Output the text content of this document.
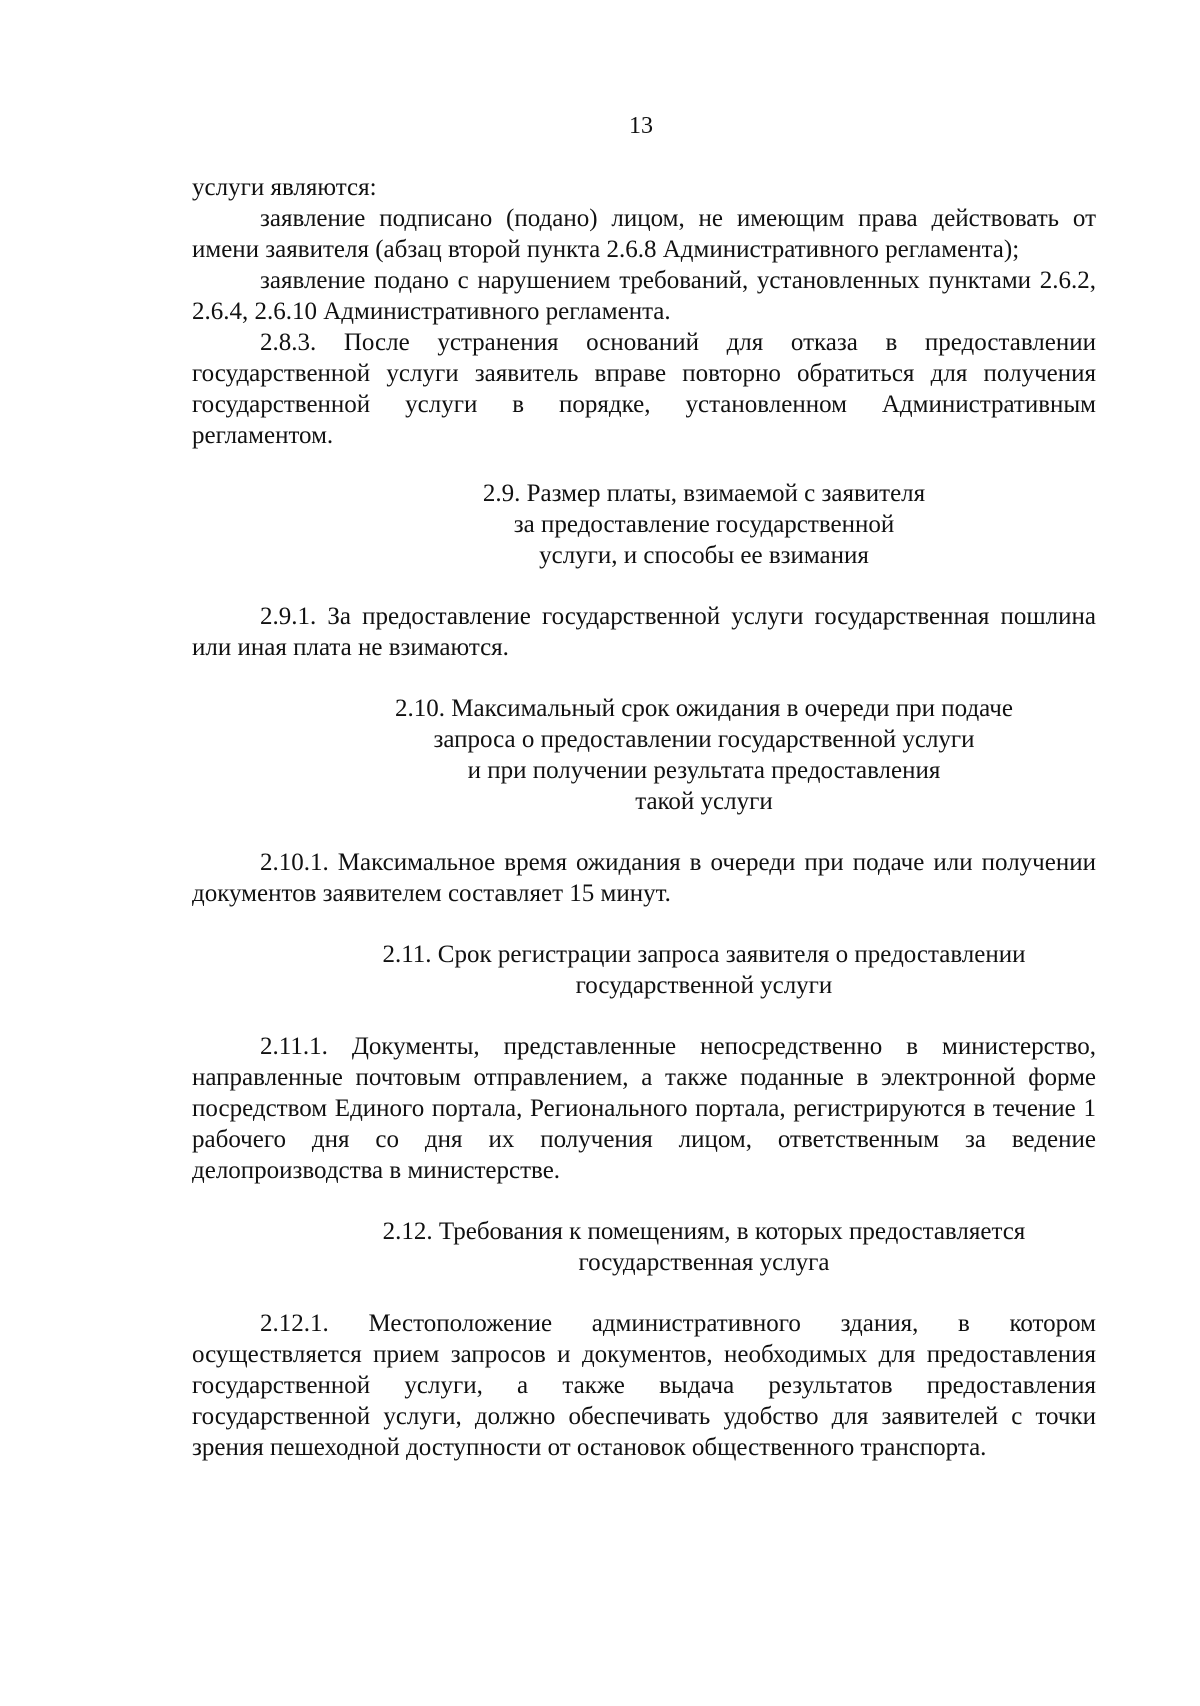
13

услуги являются:

заявление подписано (подано) лицом, не имеющим права действовать от имени заявителя (абзац второй пункта 2.6.8 Административного регламента);

заявление подано с нарушением требований, установленных пунктами 2.6.2, 2.6.4, 2.6.10 Административного регламента.

2.8.3. После устранения оснований для отказа в предоставлении государственной услуги заявитель вправе повторно обратиться для получения государственной услуги в порядке, установленном Административным регламентом.

2.9. Размер платы, взимаемой с заявителя
за предоставление государственной
услуги, и способы ее взимания

2.9.1. За предоставление государственной услуги государственная пошлина или иная плата не взимаются.

2.10. Максимальный срок ожидания в очереди при подаче
запроса о предоставлении государственной услуги
и при получении результата предоставления
такой услуги

2.10.1. Максимальное время ожидания в очереди при подаче или получении документов заявителем составляет 15 минут.

2.11. Срок регистрации запроса заявителя о предоставлении
государственной услуги

2.11.1. Документы, представленные непосредственно в министерство, направленные почтовым отправлением, а также поданные в электронной форме посредством Единого портала, Регионального портала, регистрируются в течение 1 рабочего дня со дня их получения лицом, ответственным за ведение делопроизводства в министерстве.

2.12. Требования к помещениям, в которых предоставляется
государственная услуга

2.12.1. Местоположение административного здания, в котором осуществляется прием запросов и документов, необходимых для предоставления государственной услуги, а также выдача результатов предоставления государственной услуги, должно обеспечивать удобство для заявителей с точки зрения пешеходной доступности от остановок общественного транспорта.
